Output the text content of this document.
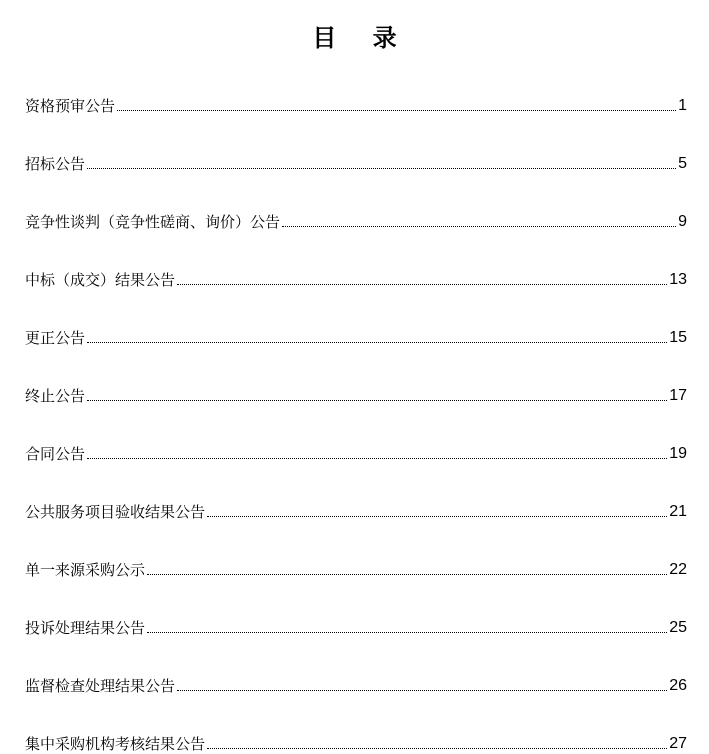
目 录
资格预审公告	1
招标公告	5
竞争性谈判（竞争性磋商、询价）公告	9
中标（成交）结果公告	13
更正公告	15
终止公告	17
合同公告	19
公共服务项目验收结果公告	21
单一来源采购公示	22
投诉处理结果公告	25
监督检查处理结果公告	26
集中采购机构考核结果公告	27
